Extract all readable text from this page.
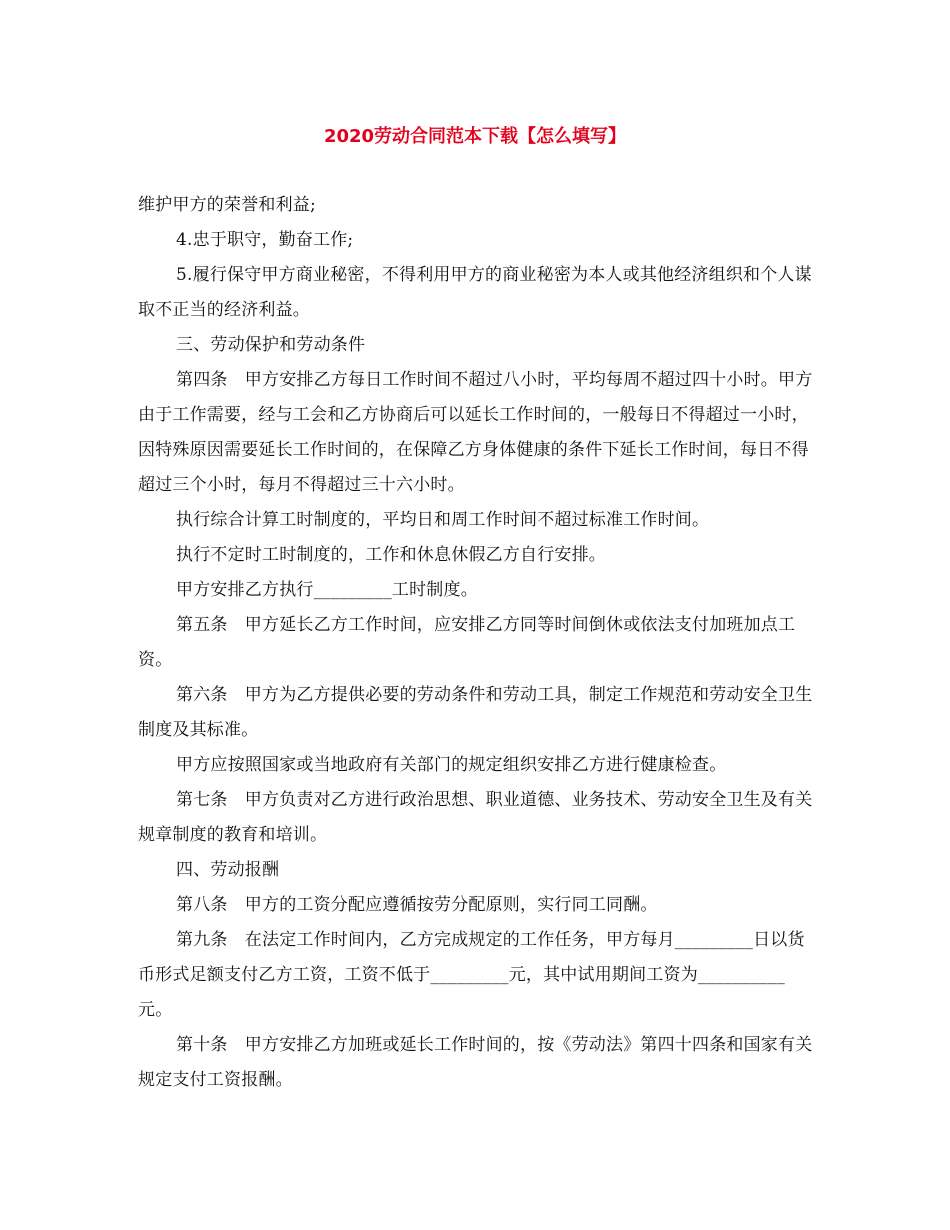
2020劳动合同范本下载【怎么填写】

维护甲方的荣誉和利益;

4.忠于职守，勤奋工作;

5.履行保守甲方商业秘密，不得利用甲方的商业秘密为本人或其他经济组织和个人谋取不正当的经济利益。

三、劳动保护和劳动条件

第四条　甲方安排乙方每日工作时间不超过八小时，平均每周不超过四十小时。甲方由于工作需要，经与工会和乙方协商后可以延长工作时间的，一般每日不得超过一小时，因特殊原因需要延长工作时间的，在保障乙方身体健康的条件下延长工作时间，每日不得超过三个小时，每月不得超过三十六小时。

执行综合计算工时制度的，平均日和周工作时间不超过标准工作时间。

执行不定时工时制度的，工作和休息休假乙方自行安排。

甲方安排乙方执行_________工时制度。

第五条　甲方延长乙方工作时间，应安排乙方同等时间倒休或依法支付加班加点工资。

第六条　甲方为乙方提供必要的劳动条件和劳动工具，制定工作规范和劳动安全卫生制度及其标准。

甲方应按照国家或当地政府有关部门的规定组织安排乙方进行健康检查。

第七条　甲方负责对乙方进行政治思想、职业道德、业务技术、劳动安全卫生及有关规章制度的教育和培训。

四、劳动报酬

第八条　甲方的工资分配应遵循按劳分配原则，实行同工同酬。

第九条　在法定工作时间内，乙方完成规定的工作任务，甲方每月_________日以货币形式足额支付乙方工资，工资不低于_________元，其中试用期间工资为__________元。

第十条　甲方安排乙方加班或延长工作时间的，按《劳动法》第四十四条和国家有关规定支付工资报酬。
